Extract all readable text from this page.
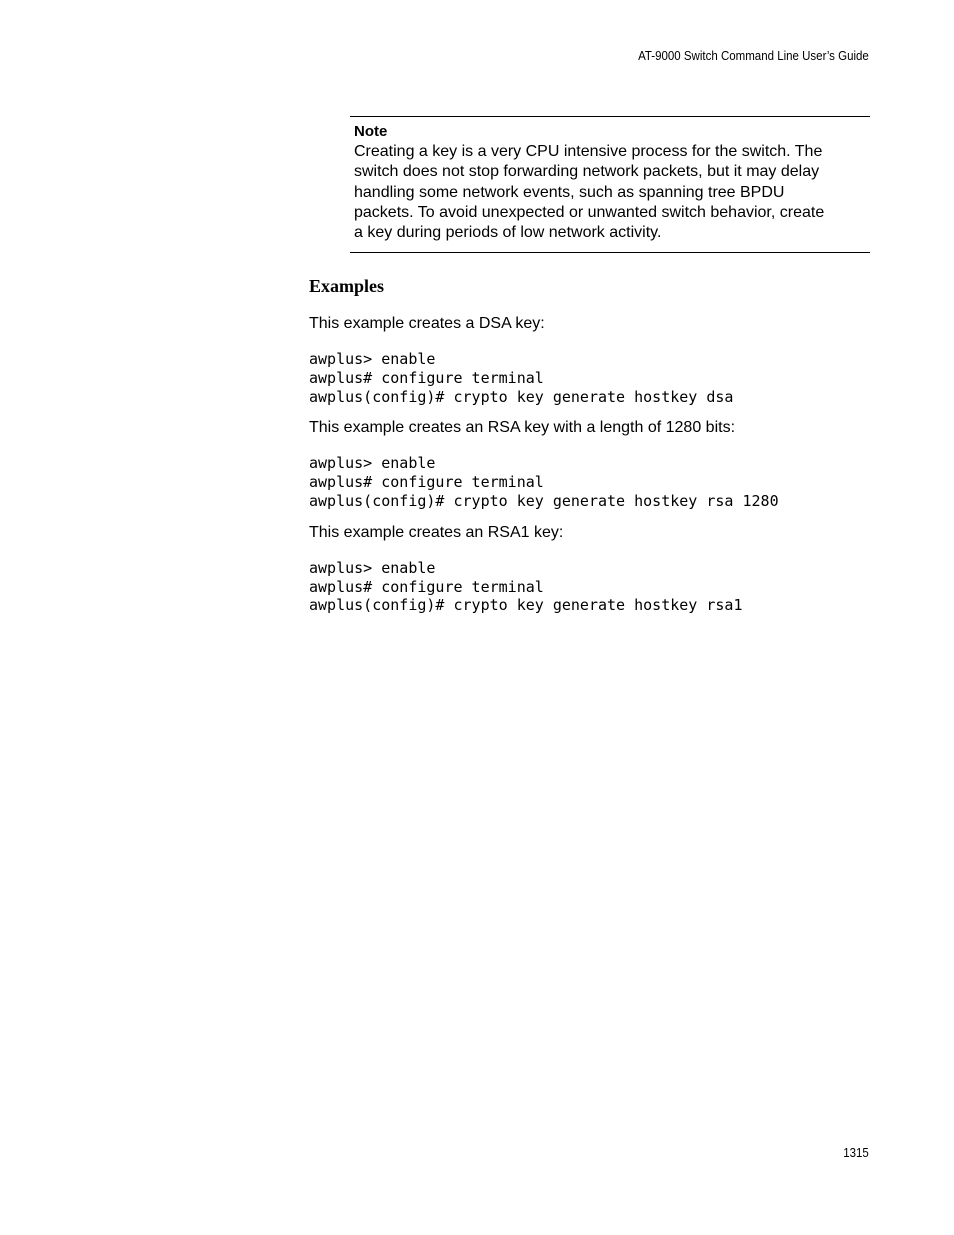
AT-9000 Switch Command Line User’s Guide
Note
Creating a key is a very CPU intensive process for the switch. The
switch does not stop forwarding network packets, but it may delay
handling some network events, such as spanning tree BPDU
packets. To avoid unexpected or unwanted switch behavior, create
a key during periods of low network activity.
Examples

This example creates a DSA key:

awplus> enable
awplus# configure terminal
awplus(config)# crypto key generate hostkey dsa

This example creates an RSA key with a length of 1280 bits:

awplus> enable
awplus# configure terminal
awplus(config)# crypto key generate hostkey rsa 1280

This example creates an RSA1 key:

awplus> enable
awplus# configure terminal
awplus(config)# crypto key generate hostkey rsa1
1315
